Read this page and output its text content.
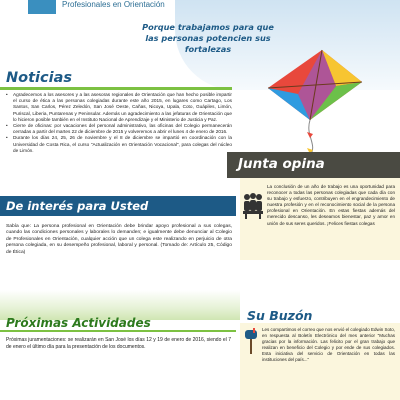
Profesionales en Orientación
Porque trabajamos para que las personas potencien sus fortalezas
Noticias
• Agradecemos a los asesores y a las asesoras regionales de Orientación que han hecho posible impartir el curso de ética a las personas colegiadas durante este año 2015, en lugares como Cartago, Los Santos, San Carlos, Pérez Zeledón, San José Oeste, Cañas, Nicoya, Upala, Coto, Guápiles, Limón, Puriscal, Liberia, Puntarenas y Peninsular. Además un agradecimiento a las jefaturas de Orientación que lo hicieron posible también en el Instituto Nacional de Aprendizaje y el Ministerio de Justicia y Paz.
• Cierre de oficinas: por vacaciones del personal administrativo, las oficinas del Colegio permanecerán cerradas a partir del martes 22 de diciembre de 2015 y volveremos a abrir el lunes 4 de enero de 2016.
• Durante los días 24, 25, 26 de noviembre y el 8 de diciembre se impartió en coordinación con la Universidad de Costa Rica, el curso "Actualización en Orientación Vocacional", para colegas del núcleo de Limón.
De interés para Usted
Sabía que: La persona profesional en Orientación debe brindar apoyo profesional a sus colegas, cuando las condiciones personales y laborales lo demanden; e igualmente debe denunciar al Colegio de Profesionales en Orientación, cualquier acción que un colega este realizando en perjuicio de otra persona colegiada, en su desempeño profesional, laboral y personal. (Tomado de: Artículo 25, Código de Ética)
Próximas Actividades
Próximas juramentaciones: se realizarán en San José los días 12 y 19 de enero de 2016, siendo el 7 de enero el último día para la presentación de los documentos.
Junta opina
La conclusión de un año de trabajo es una oportunidad para reconocer a todas las personas colegiadas que cada día con su trabajo y esfuerzo, contribuyen en el engrandecimiento de nuestra profesión y en el reconocimiento social de la persona profesional en Orientación. En estas fiestas además del merecido descanso, les deseamos bienestar, paz y amor en unión de sus seres queridos. ¡Felices fiestas colegas
Su Buzón
Les compartimos el correo que nos envió el colegiado Edwin Soto, en respuesta al Boletín Electrónico del mes anterior "Muchas gracias por la información. Las felicito por el gran trabajo que realizan en beneficio del Colegio y por ende de sus colegiados. Esta iniciativa del servicio de Orientación en todas las instituciones del país..."
